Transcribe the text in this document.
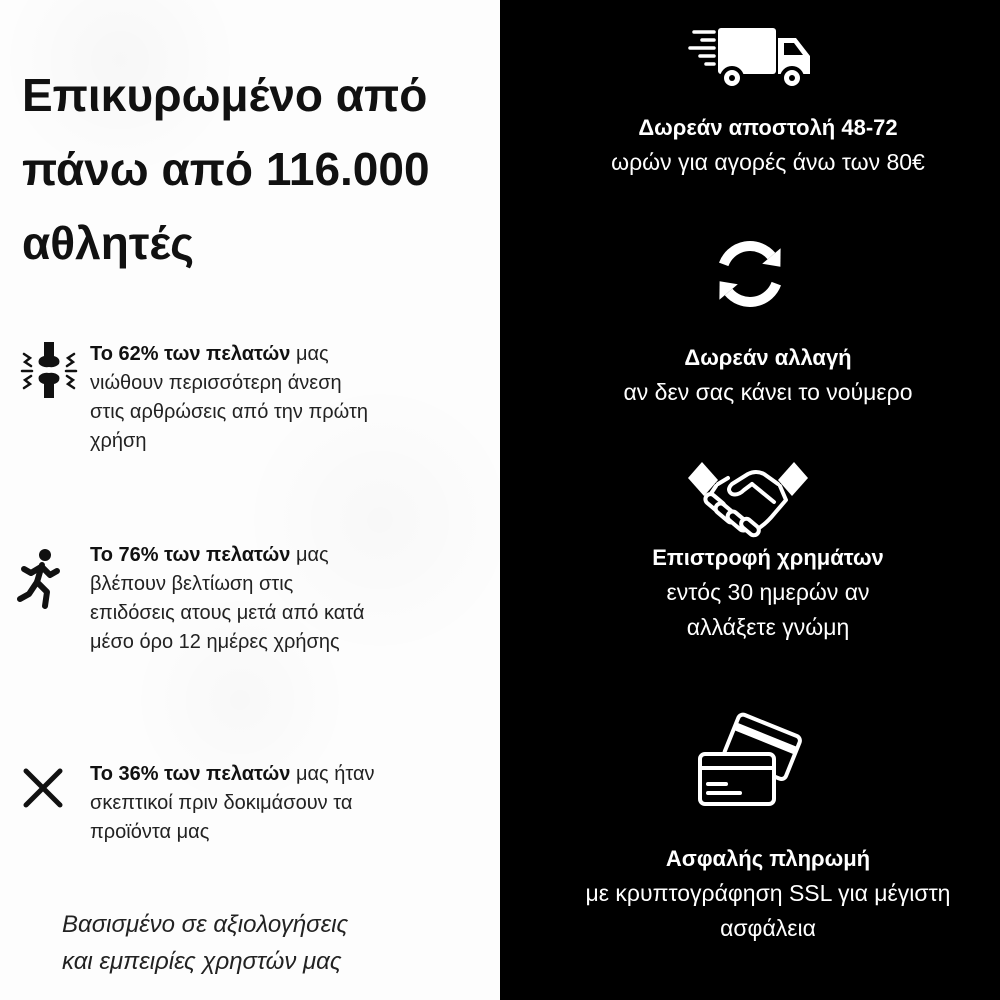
Επικυρωμένο από
πάνω από 116.000
αθλητές
Το 62% των πελατών μας
νιώθουν περισσότερη άνεση
στις αρθρώσεις από την πρώτη
χρήση
Το 76% των πελατών μας
βλέπουν βελτίωση στις
επιδόσεις ατους μετά από κατά
μέσο όρο 12 ημέρες χρήσης
Το 36% των πελατών μας ήταν
σκεπτικοί πριν δοκιμάσουν τα
προϊόντα μας
Βασισμένο σε αξιολογήσεις
και εμπειρίες χρηστών μας
Δωρεάν αποστολή 48-72
ωρών για αγορές άνω των 80€
Δωρεάν αλλαγή
αν δεν σας κάνει το νούμερο
Επιστροφή χρημάτων
εντός 30 ημερών αν
αλλάξετε γνώμη
Ασφαλής πληρωμή
με κρυπτογράφηση SSL για μέγιστη
ασφάλεια
